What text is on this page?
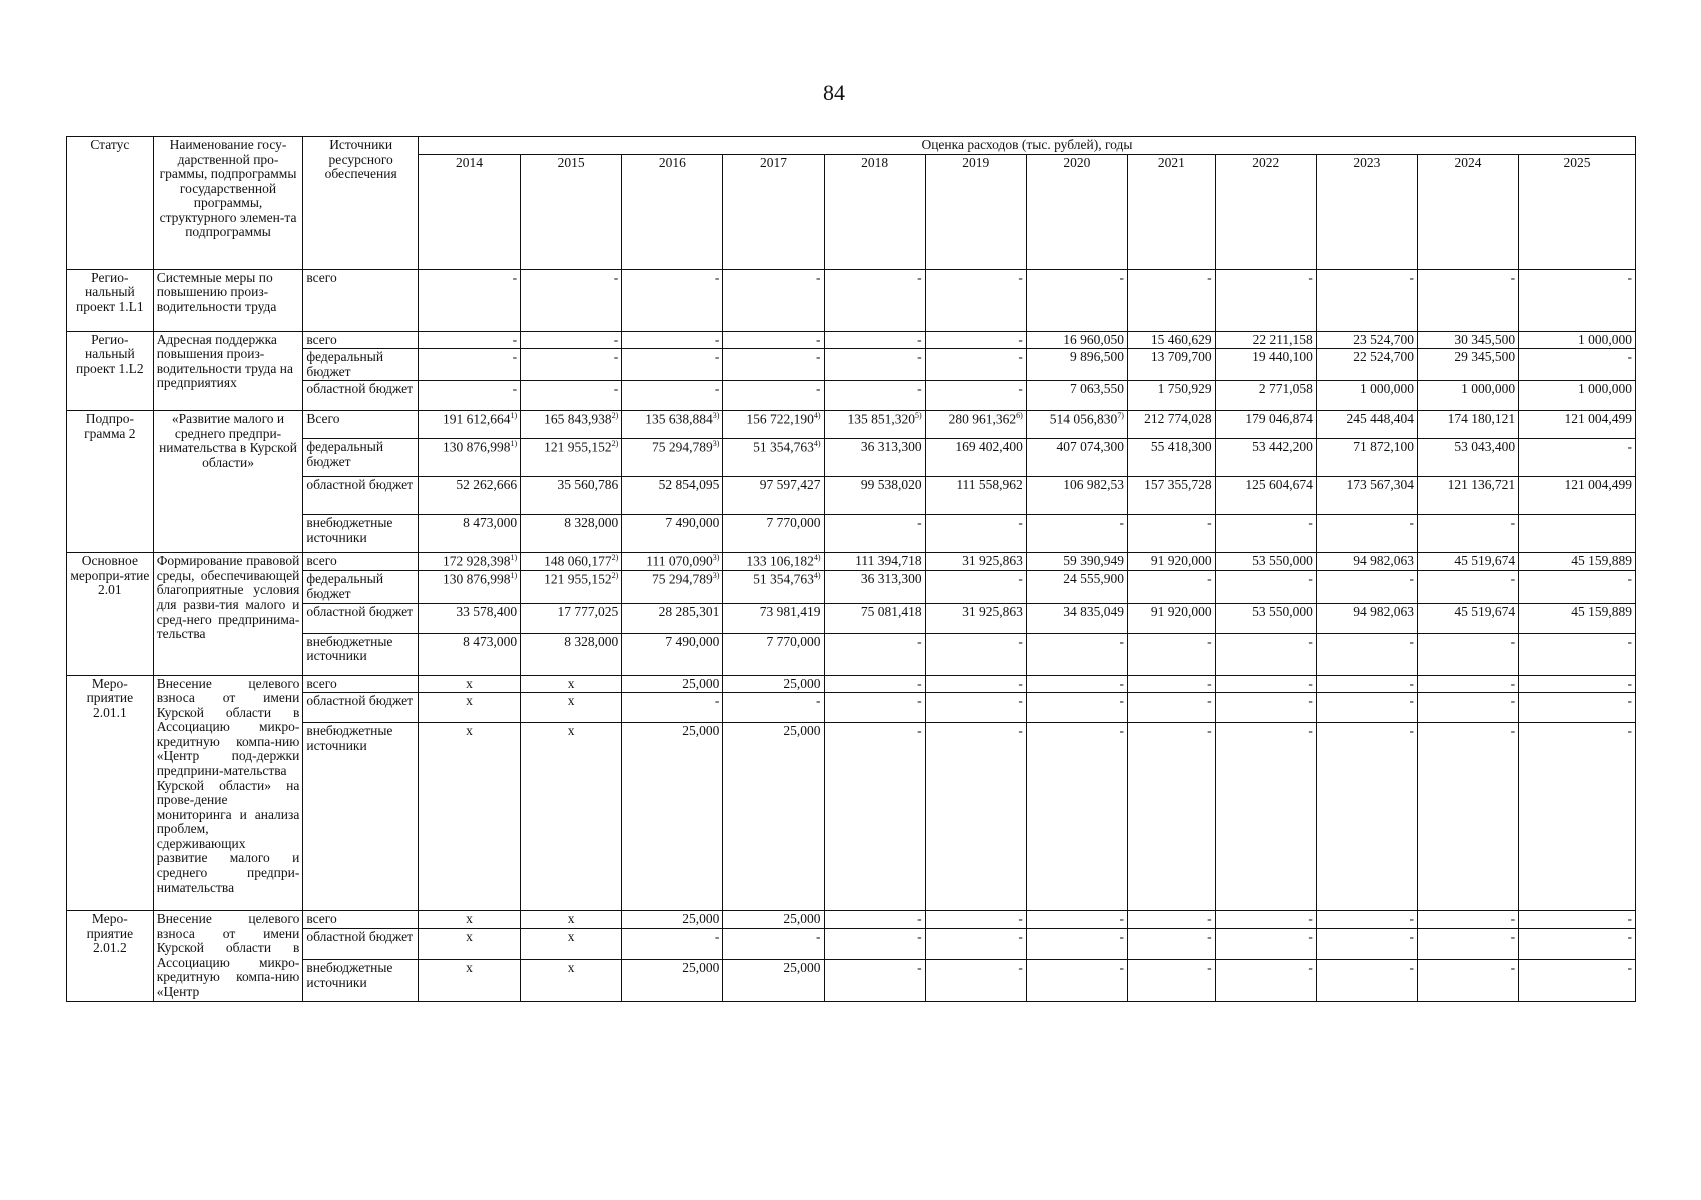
84
Статус	Наименование госу-дарственной про-граммы, подпрограммы государственной программы, структурного элемен-та подпрограммы	Источники ресурсного обеспечения	Оценка расходов (тыс. рублей), годы											
			2014	2015	2016	2017	2018	2019	2020	2021	2022	2023	2024	2025
Регио-нальный проект 1.L1	Системные меры по повышению произ-водительности труда	всего	-	-	-	-	-	-	-	-	-	-	-	-
Регио-нальный проект 1.L2	Адресная поддержка повышения произ-водительности труда на предприятиях	всего	-	-	-	-	-	-	16 960,050	15 460,629	22 211,158	23 524,700	30 345,500	1 000,000
		федеральный бюджет	-	-	-	-	-	-	9 896,500	13 709,700	19 440,100	22 524,700	29 345,500	-
		областной бюджет	-	-	-	-	-	-	7 063,550	1 750,929	2 771,058	1 000,000	1 000,000	1 000,000
Подпро-грамма 2	«Развитие малого и среднего предпри-нимательства в Курской области»	Всего	191 612,664$^{1)}$	165 843,938$^{2)}$	135 638,884$^{3)}$	156 722,190$^{4)}$	135 851,320$^{5)}$	280 961,362$^{6)}$	514 056,830$^{7)}$	212 774,028	179 046,874	245 448,404	174 180,121	121 004,499
		федеральный бюджет	130 876,998$^{1)}$	121 955,152$^{2)}$	75 294,789$^{3)}$	51 354,763$^{4)}$	36 313,300	169 402,400	407 074,300	55 418,300	53 442,200	71 872,100	53 043,400	-
		областной бюджет	52 262,666	35 560,786	52 854,095	97 597,427	99 538,020	111 558,962	106 982,53	157 355,728	125 604,674	173 567,304	121 136,721	121 004,499
		внебюджетные источники	8 473,000	8 328,000	7 490,000	7 770,000	-	-	-	-	-	-	-	
Основное меропри-ятие 2.01	Формирование правовой среды, обеспечивающей благоприятные условия для разви-тия малого и сред-него предпринима-тельства	всего	172 928,398$^{1)}$	148 060,177$^{2)}$	111 070,090$^{3)}$	133 106,182$^{4)}$	111 394,718	31 925,863	59 390,949	91 920,000	53 550,000	94 982,063	45 519,674	45 159,889
		федеральный бюджет	130 876,998$^{1)}$	121 955,152$^{2)}$	75 294,789$^{3)}$	51 354,763$^{4)}$	36 313,300	-	24 555,900	-	-	-	-	-
		областной бюджет	33 578,400	17 777,025	28 285,301	73 981,419	75 081,418	31 925,863	34 835,049	91 920,000	53 550,000	94 982,063	45 519,674	45 159,889
		внебюджетные источники	8 473,000	8 328,000	7 490,000	7 770,000	-	-	-	-	-	-	-	-
Меро-приятие 2.01.1	Внесение целевого взноса от имени Курской области в Ассоциацию микро-кредитную компа-нию «Центр под-держки предприни-мательства Курской области» на прове-дение мониторинга и анализа проблем, сдерживающих развитие малого и среднего предпри-нимательства	всего	x	x	25,000	25,000	-	-	-	-	-	-	-	-
		областной бюджет	x	x	-	-	-	-	-	-	-	-	-	-
		внебюджетные источники	x	x	25,000	25,000	-	-	-	-	-	-	-	-
Меро-приятие 2.01.2	Внесение целевого взноса от имени Курской области в Ассоциацию микро-кредитную компа-нию «Центр	всего	x	x	25,000	25,000	-	-	-	-	-	-	-	-
		областной бюджет	x	x	-	-	-	-	-	-	-	-	-	-
		внебюджетные источники	x	x	25,000	25,000	-	-	-	-	-	-	-	-
